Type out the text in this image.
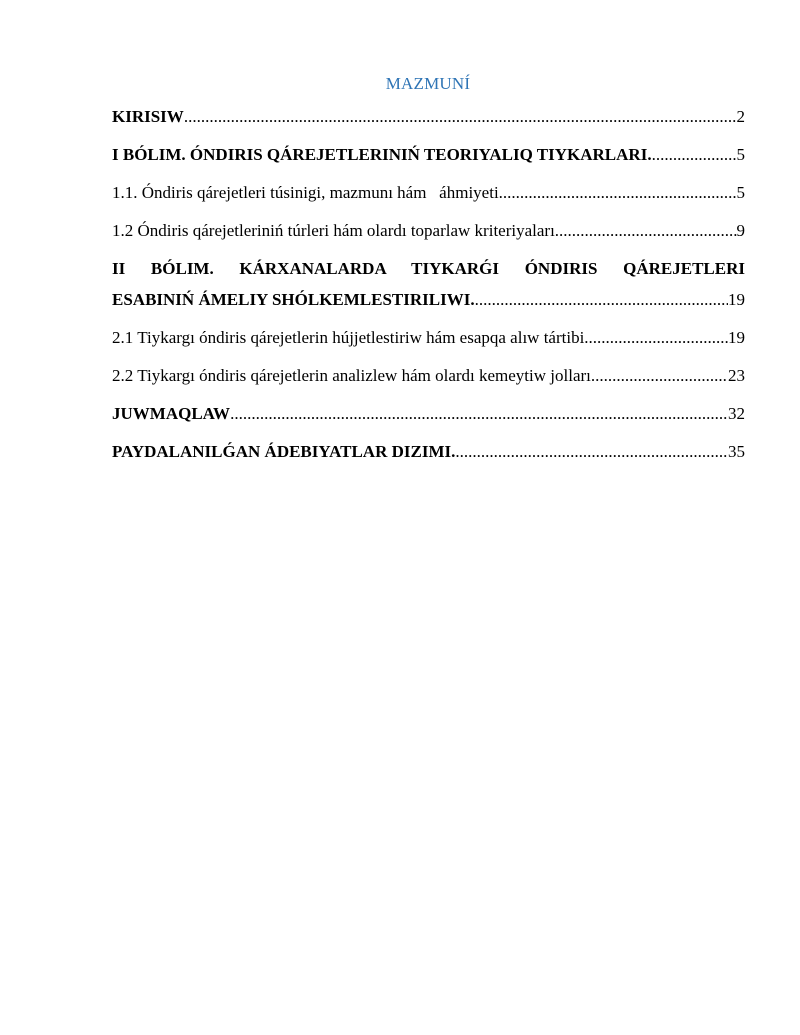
MAZMUNÍ
KIRISIW .....	2
I BÓLIM. ÓNDIRIS QÁREJETLERINIŃ TEORIYALIQ TIYKARLARI. .....	5
1.1. Óndiris qárejetleri túsinigi, mazmunı hám   áhmiyeti .....	5
1.2 Óndiris qárejetleriniń túrleri hám olardı toparlaw kriteriyaları .....	9
II BÓLIM. KÁRXANALARDA TIYKARǴI ÓNDIRIS QÁREJETLERI
ESABINIŃ ÁMELIY SHÓLKEMLESTIRILIWI. .....	19
2.1 Tiykargı óndiris qárejetlerin hújjetlestiriw hám esapqa alıw tártibi .....	19
2.2 Tiykargı óndiris qárejetlerin analizlew hám olardı kemeytiw jolları .....	23
JUWMAQLAW .....	32
PAYDALANILǴAN ÁDEBIYATLAR DIZIMI. .....	35
